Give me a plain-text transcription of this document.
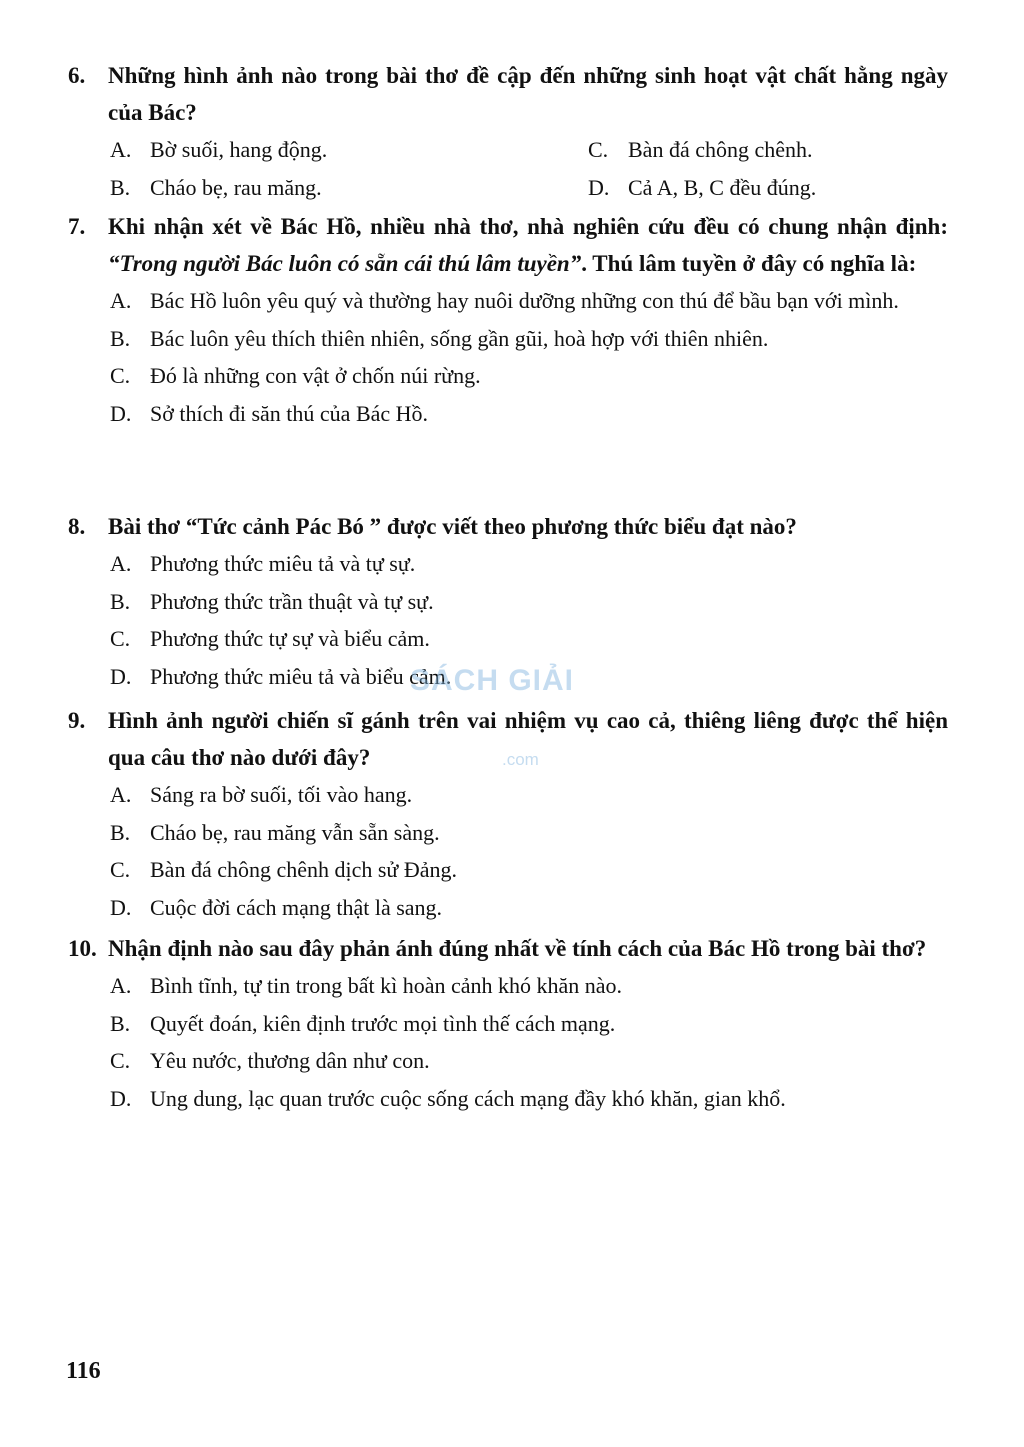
6. Những hình ảnh nào trong bài thơ đề cập đến những sinh hoạt vật chất hằng ngày của Bác?
A. Bờ suối, hang động.	C. Bàn đá chông chênh.
B. Cháo bẹ, rau măng.	D. Cả A, B, C đều đúng.
7. Khi nhận xét về Bác Hồ, nhiều nhà thơ, nhà nghiên cứu đều có chung nhận định: “Trong người Bác luôn có sẵn cái thú lâm tuyền”. Thú lâm tuyền ở đây có nghĩa là:
A. Bác Hồ luôn yêu quý và thường hay nuôi dưỡng những con thú để bầu bạn với mình.
B. Bác luôn yêu thích thiên nhiên, sống gần gũi, hoà hợp với thiên nhiên.
C. Đó là những con vật ở chốn núi rừng.
D. Sở thích đi săn thú của Bác Hồ.
8. Bài thơ “Tức cảnh Pác Bó ” được viết theo phương thức biểu đạt nào?
A. Phương thức miêu tả và tự sự.
B. Phương thức trần thuật và tự sự.
C. Phương thức tự sự và biểu cảm.
D. Phương thức miêu tả và biểu cảm.
9. Hình ảnh người chiến sĩ gánh trên vai nhiệm vụ cao cả, thiêng liêng được thể hiện qua câu thơ nào dưới đây?
A. Sáng ra bờ suối, tối vào hang.
B. Cháo bẹ, rau măng vẫn sẵn sàng.
C. Bàn đá chông chênh dịch sử Đảng.
D. Cuộc đời cách mạng thật là sang.
10. Nhận định nào sau đây phản ánh đúng nhất về tính cách của Bác Hồ trong bài thơ?
A. Bình tĩnh, tự tin trong bất kì hoàn cảnh khó khăn nào.
B. Quyết đoán, kiên định trước mọi tình thế cách mạng.
C. Yêu nước, thương dân như con.
D. Ung dung, lạc quan trước cuộc sống cách mạng đầy khó khăn, gian khổ.
SÁCH GIẢI
.com
116
